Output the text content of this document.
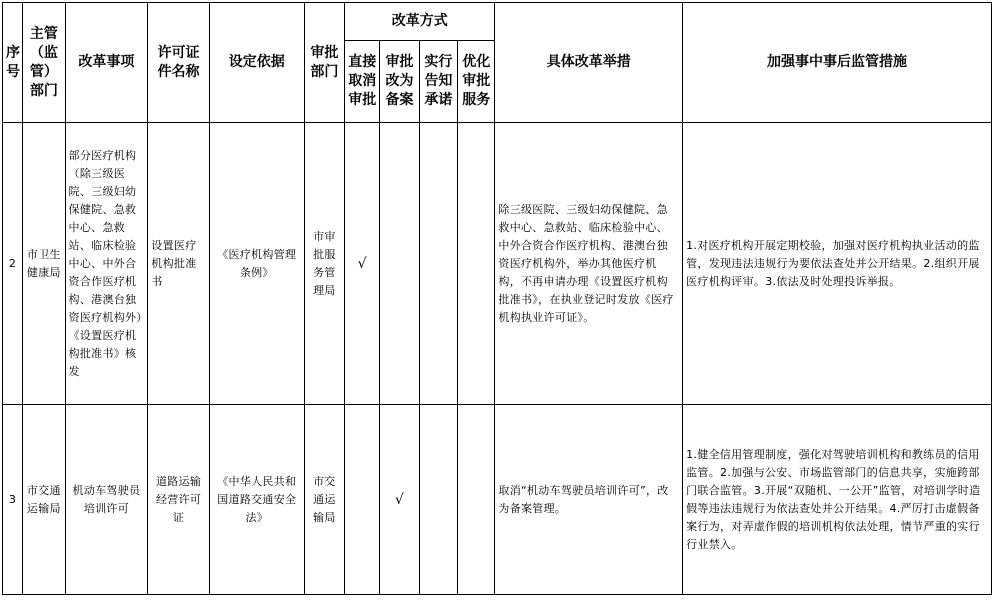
序号	主管（监管）部门	改革事项	许可证件名称	设定依据	审批部门	改革方式				具体改革举措	加强事中事后监管措施
						直接取消审批	审批改为备案	实行告知承诺	优化审批服务		
2	市卫生健康局	部分医疗机构（除三级医院、三级妇幼保健院、急救中心、急救站、临床检验中心、中外合资合作医疗机构、港澳台独资医疗机构外）《设置医疗机构批准书》核发	设置医疗机构批准书	《医疗机构管理条例》	市审批服务管理局	√				除三级医院、三级妇幼保健院、急救中心、急救站、临床检验中心、中外合资合作医疗机构、港澳台独资医疗机构外，举办其他医疗机构，不再申请办理《设置医疗机构批准书》，在执业登记时发放《医疗机构执业许可证》。	1.对医疗机构开展定期校验，加强对医疗机构执业活动的监管，发现违法违规行为要依法查处并公开结果。2.组织开展医疗机构评审。3.依法及时处理投诉举报。
3	市交通运输局	机动车驾驶员培训许可	道路运输经营许可证	《中华人民共和国道路交通安全法》	市交通运输局		√			取消“机动车驾驶员培训许可”，改为备案管理。	1.健全信用管理制度，强化对驾驶培训机构和教练员的信用监管。2.加强与公安、市场监管部门的信息共享，实施跨部门联合监管。3.开展“双随机、一公开”监管，对培训学时造假等违法违规行为依法查处并公开结果。4.严厉打击虚假备案行为，对弄虚作假的培训机构依法处理，情节严重的实行行业禁入。
